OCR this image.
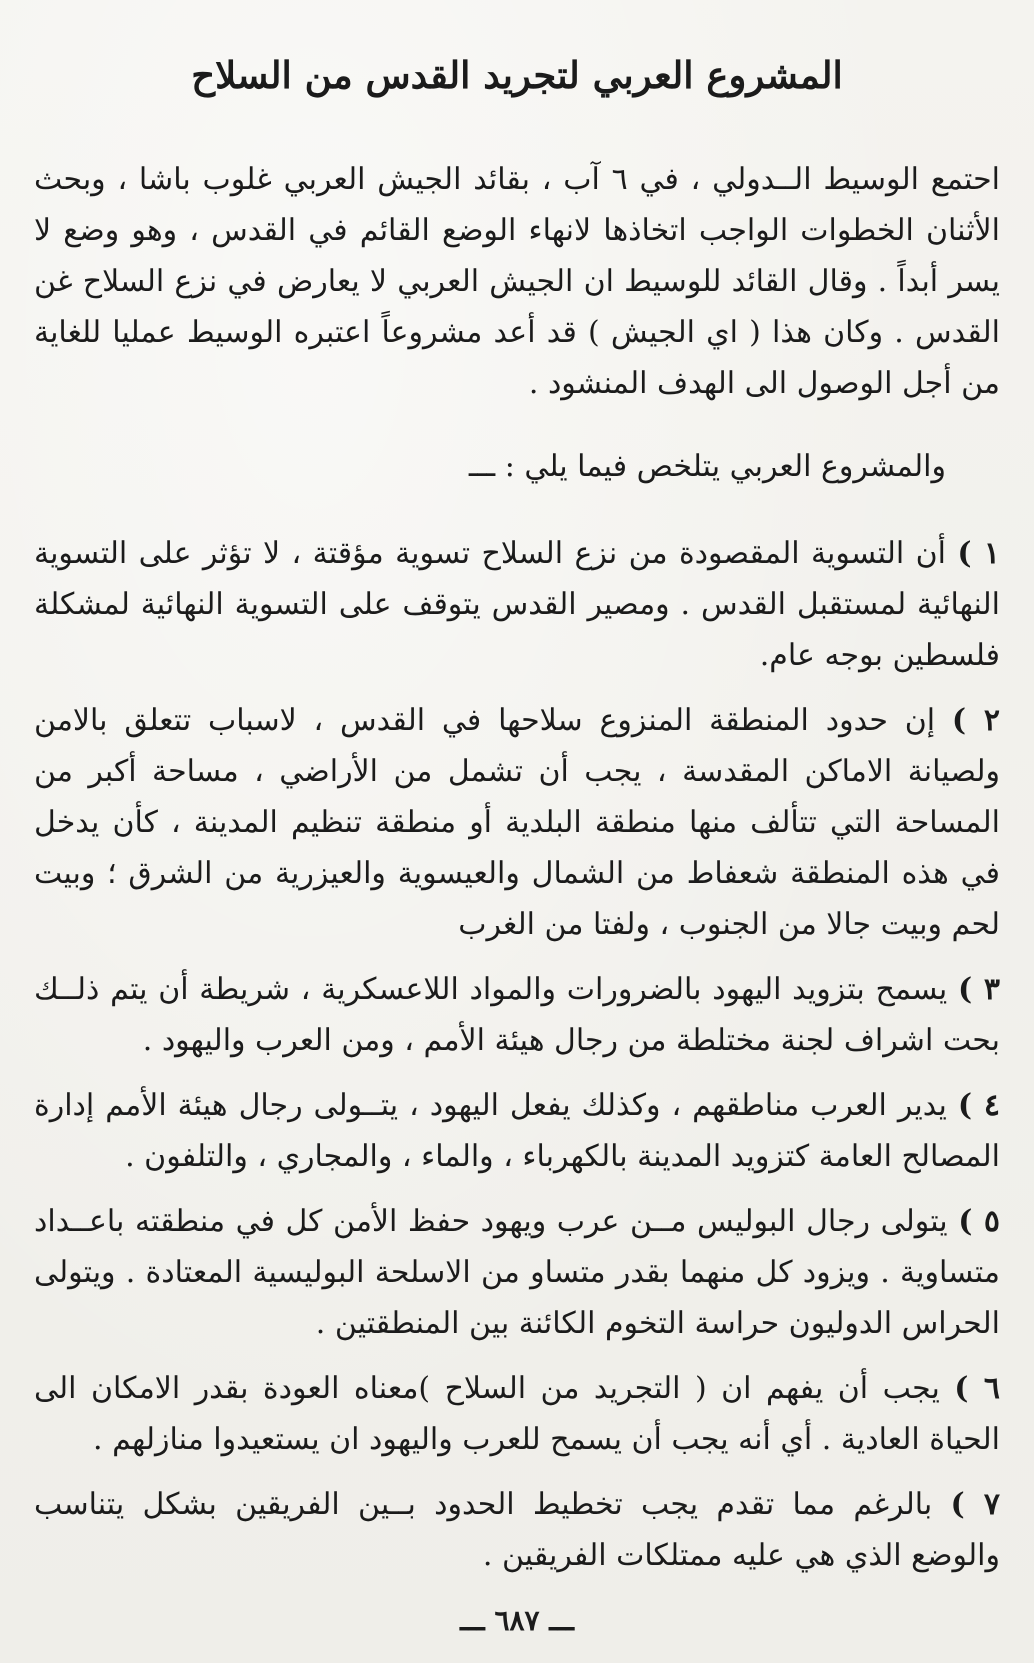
المشروع العربي لتجريد القدس من السلاح

احتمع الوسيط الــدولي ، في ٦ آب ، بقائد الجيش العربي غلوب باشا ، وبحث الأثنان الخطوات الواجب اتخاذها لانهاء الوضع القائم في القدس ، وهو وضع لا يسر أبداً . وقال القائد للوسيط ان الجيش العربي لا يعارض في نزع السلاح غن القدس . وكان هذا ( اي الجيش ) قد أعد مشروعاً اعتبره الوسيط عمليا للغاية من أجل الوصول الى الهدف المنشود .

والمشروع العربي يتلخص فيما يلي : ـــ

١ ) أن التسوية المقصودة من نزع السلاح تسوية مؤقتة ، لا تؤثر على التسوية النهائية لمستقبل القدس . ومصير القدس يتوقف على التسوية النهائية لمشكلة فلسطين بوجه عام.

٢ ) إن حدود المنطقة المنزوع سلاحها في القدس ، لاسباب تتعلق بالامن ولصيانة الاماكن المقدسة ، يجب أن تشمل من الأراضي ، مساحة أكبر من المساحة التي تتألف منها منطقة البلدية أو منطقة تنظيم المدينة ، كأن يدخل في هذه المنطقة شعفاط من الشمال والعيسوية والعيزرية من الشرق ؛ وبيت لحم وبيت جالا من الجنوب ، ولفتا من الغرب

٣ ) يسمح بتزويد اليهود بالضرورات والمواد اللاعسكرية ، شريطة أن يتم ذلــك بحت اشراف لجنة مختلطة من رجال هيئة الأمم ، ومن العرب واليهود .

٤ ) يدير العرب مناطقهم ، وكذلك يفعل اليهود ، يتــولى رجال هيئة الأمم إدارة المصالح العامة كتزويد المدينة بالكهرباء ، والماء ، والمجاري ، والتلفون .

٥ ) يتولى رجال البوليس مــن عرب ويهود حفظ الأمن كل في منطقته باعــداد متساوية . ويزود كل منهما بقدر متساو من الاسلحة البوليسية المعتادة . ويتولى الحراس الدوليون حراسة التخوم الكائنة بين المنطقتين .

٦ ) يجب أن يفهم ان ( التجريد من السلاح )معناه العودة بقدر الامكان الى الحياة العادية . أي أنه يجب أن يسمح للعرب واليهود ان يستعيدوا منازلهم .

٧ ) بالرغم مما تقدم يجب تخطيط الحدود بــين الفريقين بشكل يتناسب والوضع الذي هي عليه ممتلكات الفريقين .

ـــ ٦٨٧ ـــ
